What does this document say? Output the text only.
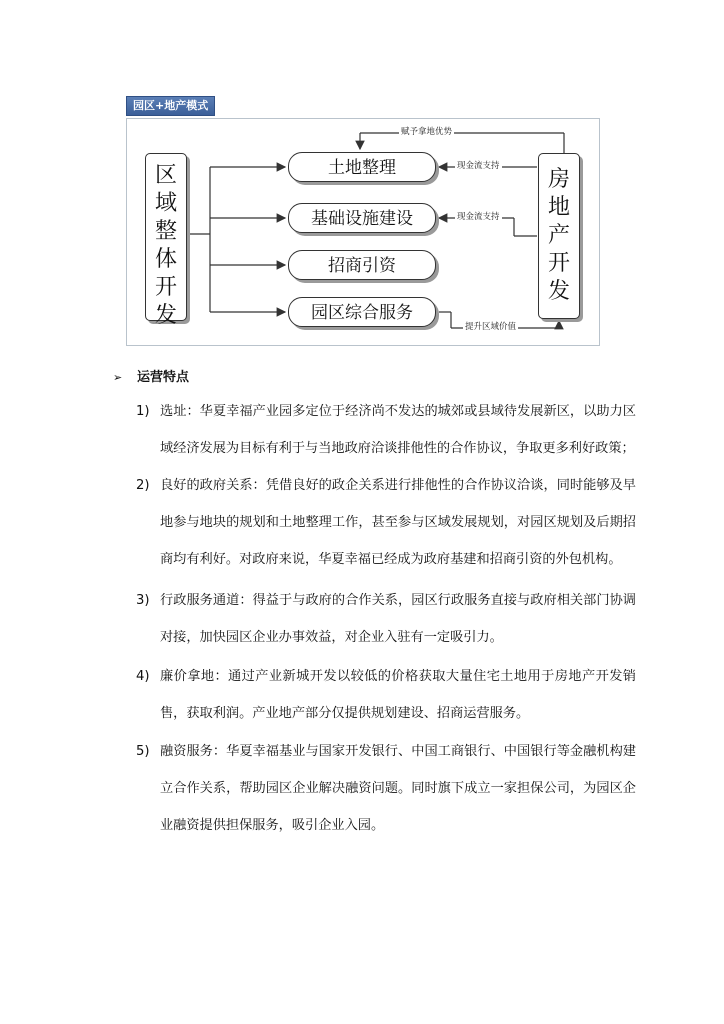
园区+地产模式
区
域
整
体
开
发
房
地
产
开
发
土地整理
基础设施建设
招商引资
园区综合服务
赋予拿地优势
现金流支持
现金流支持
提升区域价值
➢ 运营特点
1) 选址：华夏幸福产业园多定位于经济尚不发达的城郊或县域待发展新区，以助力区域经济发展为目标有利于与当地政府洽谈排他性的合作协议，争取更多利好政策；
2) 良好的政府关系：凭借良好的政企关系进行排他性的合作协议洽谈，同时能够及早地参与地块的规划和土地整理工作，甚至参与区域发展规划，对园区规划及后期招商均有利好。对政府来说，华夏幸福已经成为政府基建和招商引资的外包机构。
3) 行政服务通道：得益于与政府的合作关系，园区行政服务直接与政府相关部门协调对接，加快园区企业办事效益，对企业入驻有一定吸引力。
4) 廉价拿地：通过产业新城开发以较低的价格获取大量住宅土地用于房地产开发销售，获取利润。产业地产部分仅提供规划建设、招商运营服务。
5) 融资服务：华夏幸福基业与国家开发银行、中国工商银行、中国银行等金融机构建立合作关系，帮助园区企业解决融资问题。同时旗下成立一家担保公司，为园区企业融资提供担保服务，吸引企业入园。
